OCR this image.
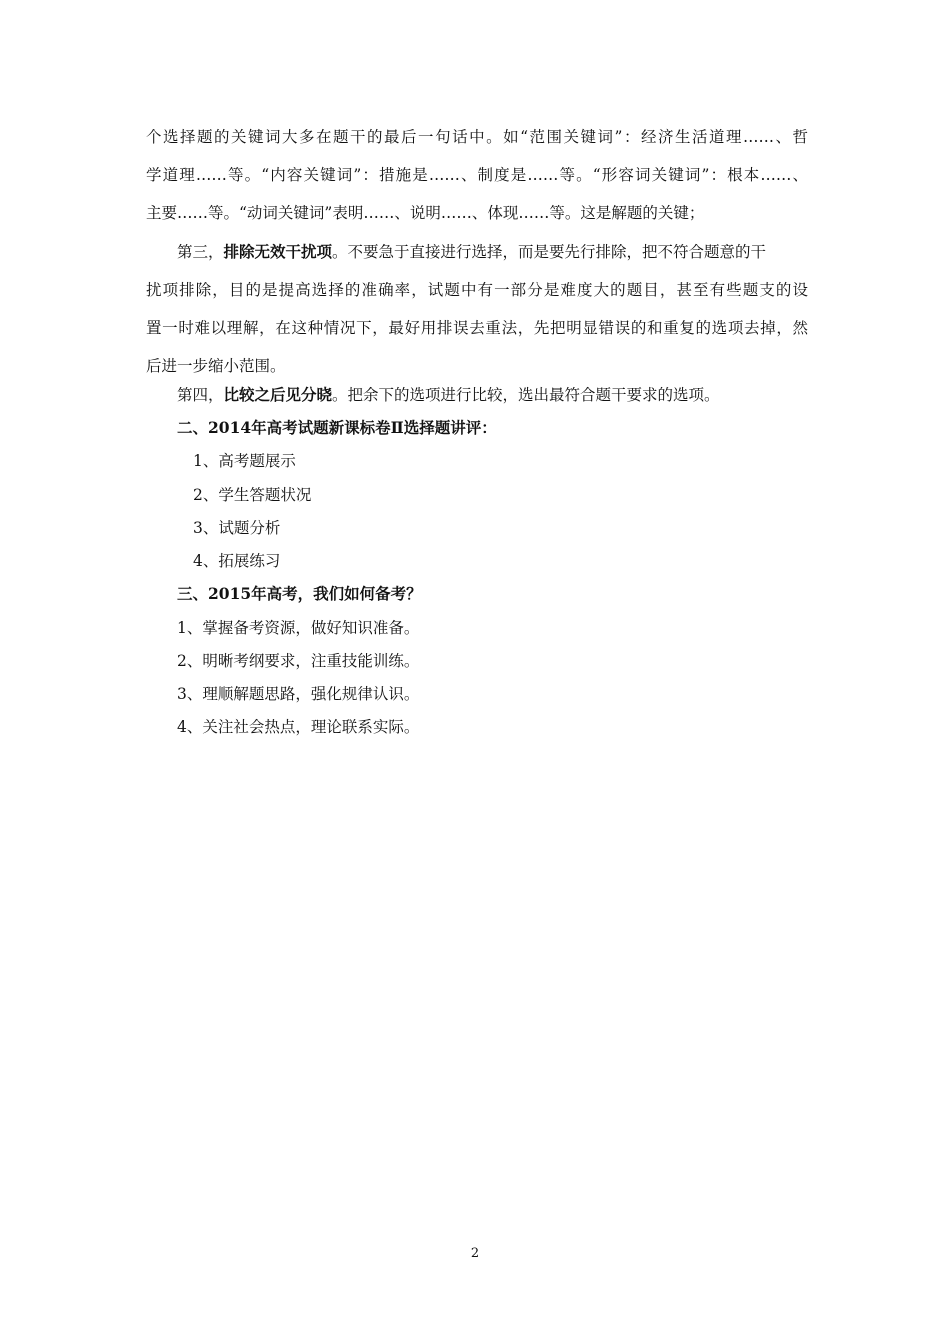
个选择题的关键词大多在题干的最后一句话中。如“范围关键词”：经济生活道理……、哲
学道理……等。“内容关键词”：措施是……、制度是……等。“形容词关键词”：根本……、
主要……等。“动词关键词”表明……、说明……、体现……等。这是解题的关键；
第三，排除无效干扰项。不要急于直接进行选择，而是要先行排除，把不符合题意的干
扰项排除，目的是提高选择的准确率，试题中有一部分是难度大的题目，甚至有些题支的设
置一时难以理解，在这种情况下，最好用排误去重法，先把明显错误的和重复的选项去掉，然
后进一步缩小范围。
第四，比较之后见分晓。把余下的选项进行比较，选出最符合题干要求的选项。
二、2014年高考试题新课标卷Ⅱ选择题讲评：
1、高考题展示
2、学生答题状况
3、试题分析
4、拓展练习
三、2015年高考，我们如何备考？
1、掌握备考资源，做好知识准备。
2、明晰考纲要求，注重技能训练。
3、理顺解题思路，强化规律认识。
4、关注社会热点，理论联系实际。
2
